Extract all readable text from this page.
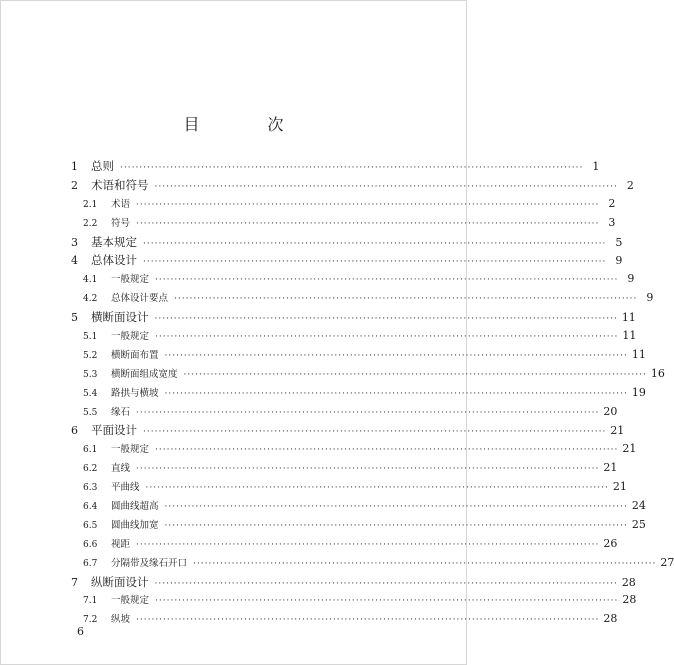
目　次
1	总则 ························································································································ 1
2	术语和符号 ························································································································ 2
2.1	术语 ························································································································ 2
2.2	符号 ························································································································ 3
3	基本规定 ························································································································ 5
4	总体设计 ························································································································ 9
4.1	一般规定 ························································································································ 9
4.2	总体设计要点 ························································································································ 9
5	横断面设计 ························································································································ 11
5.1	一般规定 ························································································································ 11
5.2	横断面布置 ························································································································ 11
5.3	横断面组成宽度 ························································································································ 16
5.4	路拱与横坡 ························································································································ 19
5.5	缘石 ························································································································ 20
6	平面设计 ························································································································ 21
6.1	一般规定 ························································································································ 21
6.2	直线 ························································································································ 21
6.3	平曲线 ························································································································ 21
6.4	圆曲线超高 ························································································································ 24
6.5	圆曲线加宽 ························································································································ 25
6.6	视距 ························································································································ 26
6.7	分隔带及缘石开口 ························································································································ 27
7	纵断面设计 ························································································································ 28
7.1	一般规定 ························································································································ 28
7.2	纵坡 ························································································································ 28
6
